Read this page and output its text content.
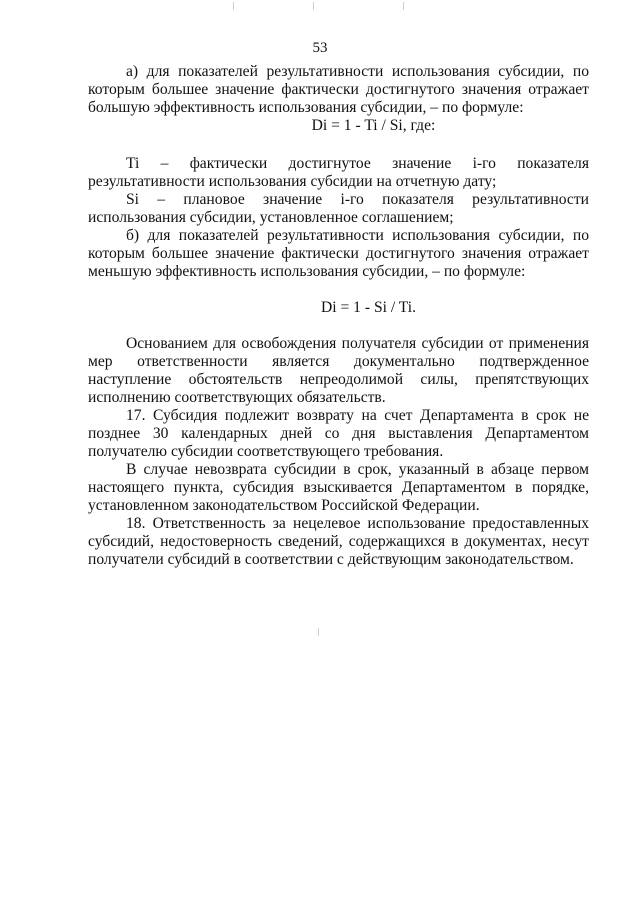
53

а) для показателей результативности использования субсидии, по которым большее значение фактически достигнутого значения отражает большую эффективность использования субсидии, – по формуле:

Di = 1 - Ti / Si, где:

Ti – фактически достигнутое значение i-го показателя результативности использования субсидии на отчетную дату;

Si – плановое значение i-го показателя результативности использования субсидии, установленное соглашением;

б) для показателей результативности использования субсидии, по которым большее значение фактически достигнутого значения отражает меньшую эффективность использования субсидии, – по формуле:

Di = 1 - Si / Ti.

Основанием для освобождения получателя субсидии от применения мер ответственности является документально подтвержденное наступление обстоятельств непреодолимой силы, препятствующих исполнению соответствующих обязательств.

17. Субсидия подлежит возврату на счет Департамента в срок не позднее 30 календарных дней со дня выставления Департаментом получателю субсидии соответствующего требования.

В случае невозврата субсидии в срок, указанный в абзаце первом настоящего пункта, субсидия взыскивается Департаментом в порядке, установленном законодательством Российской Федерации.

18. Ответственность за нецелевое использование предоставленных субсидий, недостоверность сведений, содержащихся в документах, несут получатели субсидий в соответствии с действующим законодательством.
